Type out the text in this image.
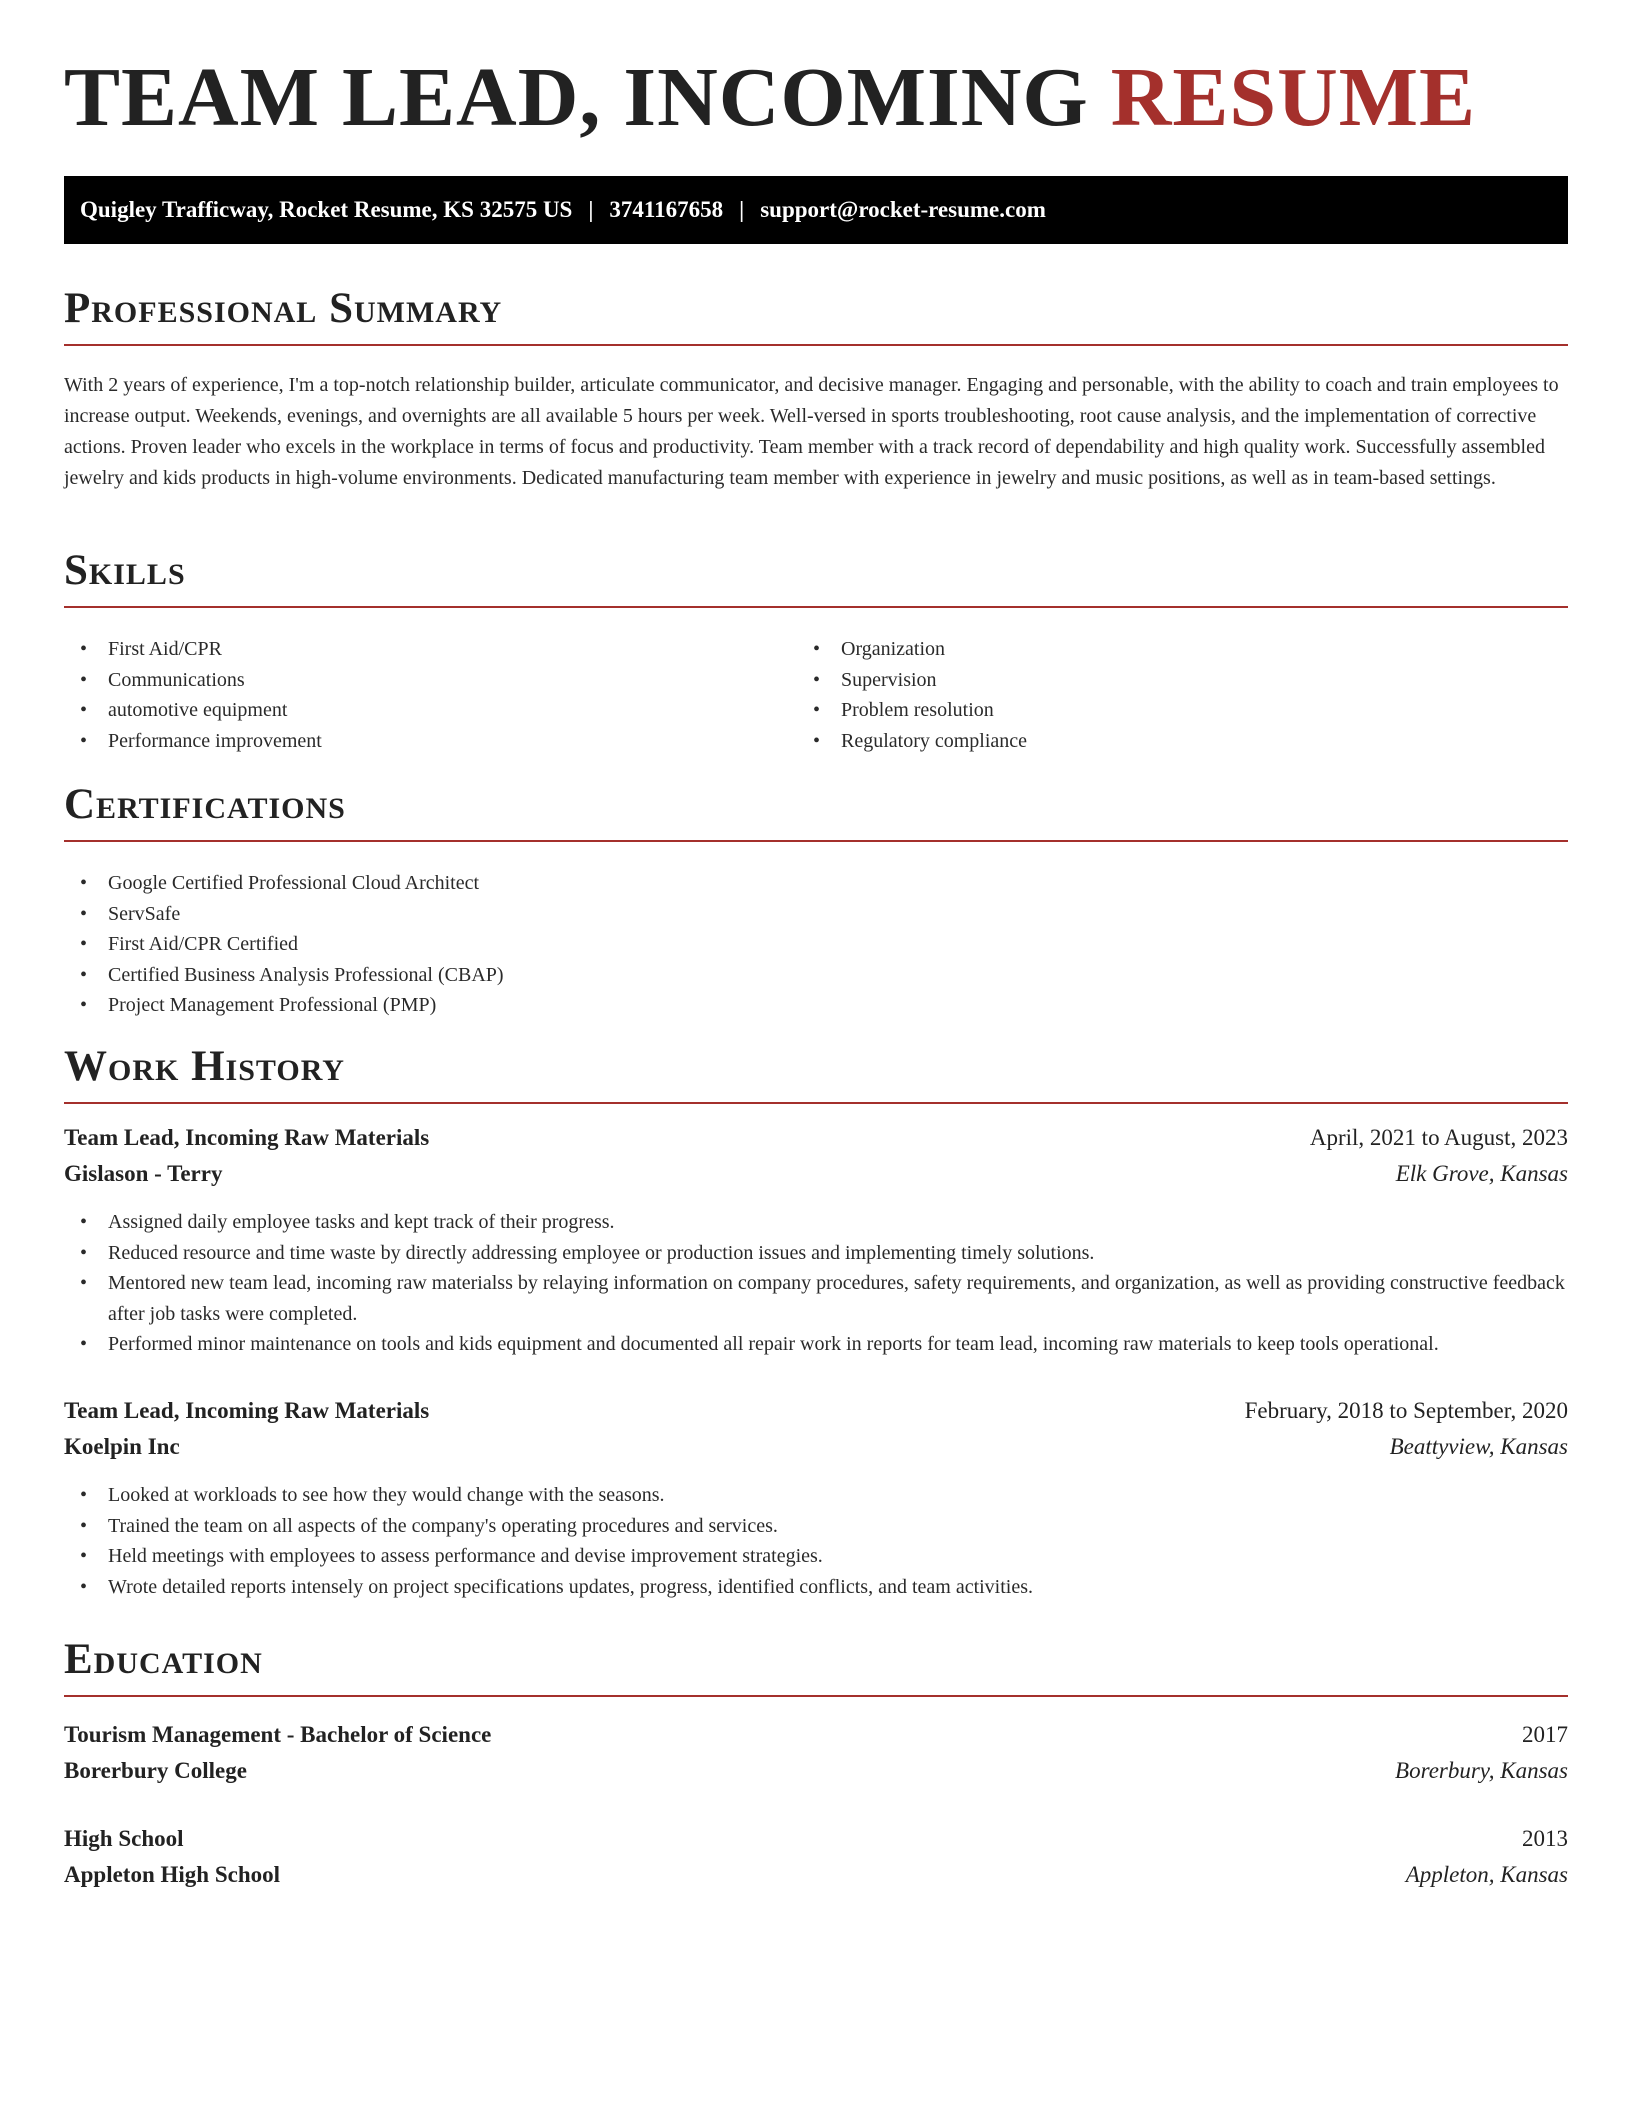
TEAM LEAD, INCOMING RESUME
Quigley Trafficway, Rocket Resume, KS 32575 US | 3741167658 | support@rocket-resume.com
Professional Summary

With 2 years of experience, I'm a top-notch relationship builder, articulate communicator, and decisive manager. Engaging and personable, with the ability to coach and train employees to increase output. Weekends, evenings, and overnights are all available 5 hours per week. Well-versed in sports troubleshooting, root cause analysis, and the implementation of corrective actions. Proven leader who excels in the workplace in terms of focus and productivity. Team member with a track record of dependability and high quality work. Successfully assembled jewelry and kids products in high-volume environments. Dedicated manufacturing team member with experience in jewelry and music positions, as well as in team-based settings.

Skills
• First Aid/CPR
• Communications
• automotive equipment
• Performance improvement
• Organization
• Supervision
• Problem resolution
• Regulatory compliance
Certifications
• Google Certified Professional Cloud Architect
• ServSafe
• First Aid/CPR Certified
• Certified Business Analysis Professional (CBAP)
• Project Management Professional (PMP)
Work History
Team Lead, Incoming Raw Materials	April, 2021 to August, 2023
Gislason - Terry	Elk Grove, Kansas
• Assigned daily employee tasks and kept track of their progress.
• Reduced resource and time waste by directly addressing employee or production issues and implementing timely solutions.
• Mentored new team lead, incoming raw materialss by relaying information on company procedures, safety requirements, and organization, as well as providing constructive feedback after job tasks were completed.
• Performed minor maintenance on tools and kids equipment and documented all repair work in reports for team lead, incoming raw materials to keep tools operational.
Team Lead, Incoming Raw Materials	February, 2018 to September, 2020
Koelpin Inc	Beattyview, Kansas
• Looked at workloads to see how they would change with the seasons.
• Trained the team on all aspects of the company's operating procedures and services.
• Held meetings with employees to assess performance and devise improvement strategies.
• Wrote detailed reports intensely on project specifications updates, progress, identified conflicts, and team activities.
Education
Tourism Management - Bachelor of Science	2017
Borerbury College	Borerbury, Kansas
High School	2013
Appleton High School	Appleton, Kansas
